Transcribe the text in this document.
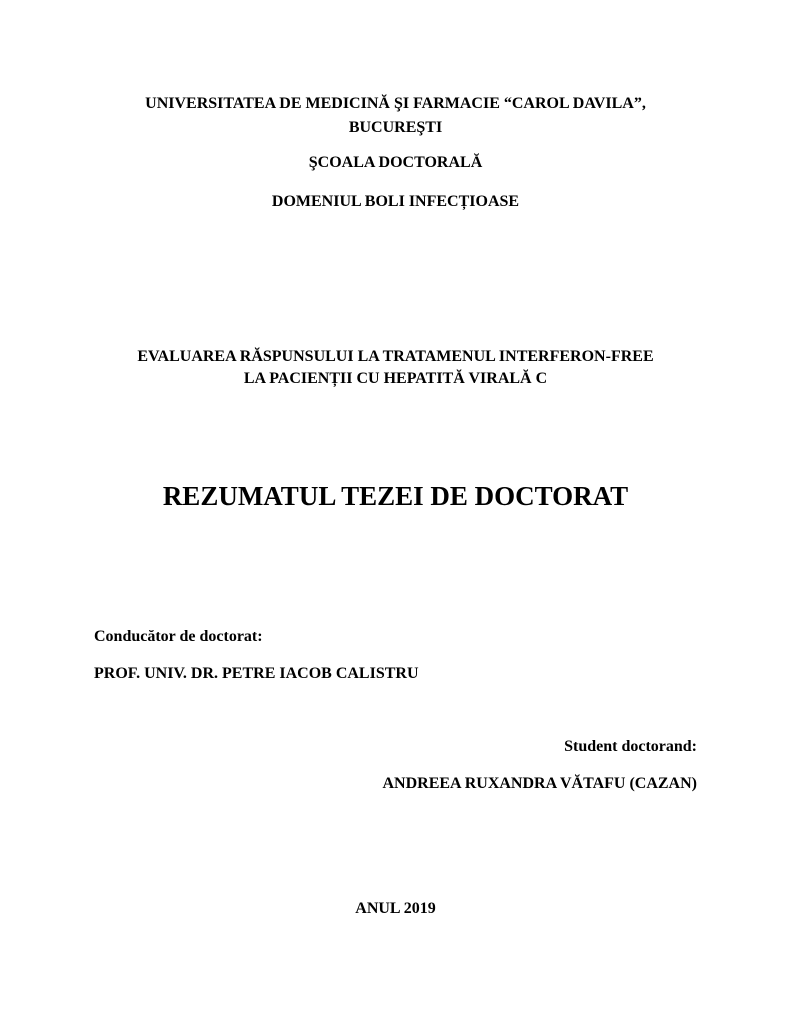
UNIVERSITATEA DE MEDICINĂ ŞI FARMACIE “CAROL DAVILA”,
BUCUREŞTI
ŞCOALA DOCTORALĂ
DOMENIUL BOLI INFECȚIOASE
EVALUAREA RĂSPUNSULUI LA TRATAMENUL INTERFERON-FREE
LA PACIENȚII CU HEPATITĂ VIRALĂ C
REZUMATUL TEZEI DE DOCTORAT
Conducător de doctorat:
PROF. UNIV. DR. PETRE IACOB CALISTRU
Student doctorand:
ANDREEA RUXANDRA VĂTAFU (CAZAN)
ANUL 2019
